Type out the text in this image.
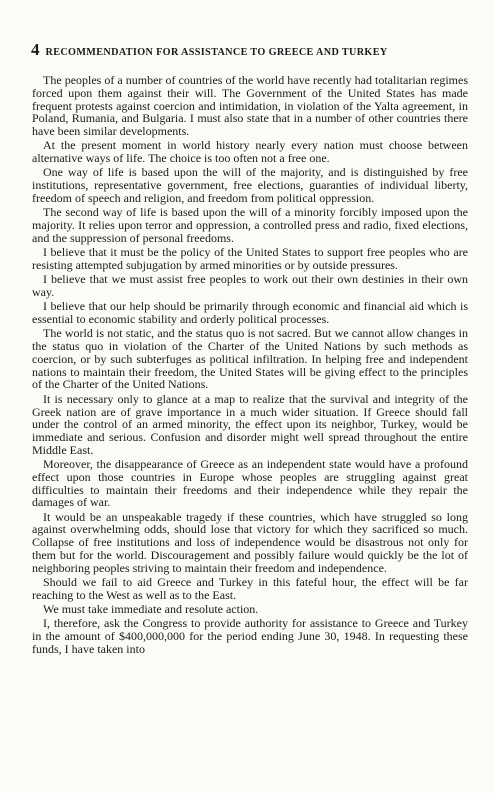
4 RECOMMENDATION FOR ASSISTANCE TO GREECE AND TURKEY

The peoples of a number of countries of the world have recently had totalitarian regimes forced upon them against their will. The Government of the United States has made frequent protests against coercion and intimidation, in violation of the Yalta agreement, in Poland, Rumania, and Bulgaria. I must also state that in a number of other countries there have been similar developments.

At the present moment in world history nearly every nation must choose between alternative ways of life. The choice is too often not a free one.

One way of life is based upon the will of the majority, and is distinguished by free institutions, representative government, free elections, guaranties of individual liberty, freedom of speech and religion, and freedom from political oppression.

The second way of life is based upon the will of a minority forcibly imposed upon the majority. It relies upon terror and oppression, a controlled press and radio, fixed elections, and the suppression of personal freedoms.

I believe that it must be the policy of the United States to support free peoples who are resisting attempted subjugation by armed minorities or by outside pressures.

I believe that we must assist free peoples to work out their own destinies in their own way.

I believe that our help should be primarily through economic and financial aid which is essential to economic stability and orderly political processes.

The world is not static, and the status quo is not sacred. But we cannot allow changes in the status quo in violation of the Charter of the United Nations by such methods as coercion, or by such subterfuges as political infiltration. In helping free and independent nations to maintain their freedom, the United States will be giving effect to the principles of the Charter of the United Nations.

It is necessary only to glance at a map to realize that the survival and integrity of the Greek nation are of grave importance in a much wider situation. If Greece should fall under the control of an armed minority, the effect upon its neighbor, Turkey, would be immediate and serious. Confusion and disorder might well spread throughout the entire Middle East.

Moreover, the disappearance of Greece as an independent state would have a profound effect upon those countries in Europe whose peoples are struggling against great difficulties to maintain their freedoms and their independence while they repair the damages of war.

It would be an unspeakable tragedy if these countries, which have struggled so long against overwhelming odds, should lose that victory for which they sacrificed so much. Collapse of free institutions and loss of independence would be disastrous not only for them but for the world. Discouragement and possibly failure would quickly be the lot of neighboring peoples striving to maintain their freedom and independence.

Should we fail to aid Greece and Turkey in this fateful hour, the effect will be far reaching to the West as well as to the East.

We must take immediate and resolute action.

I, therefore, ask the Congress to provide authority for assistance to Greece and Turkey in the amount of $400,000,000 for the period ending June 30, 1948. In requesting these funds, I have taken into
